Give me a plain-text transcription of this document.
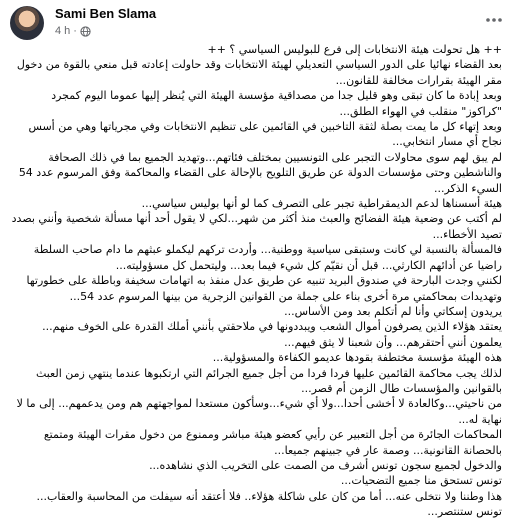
Sami Ben Slama
4 h ·

++ هل تحولت هيئة الانتخابات إلى فرع للبوليس السياسي ؟ ++

بعد القضاء نهائيا على الدور السياسي التعديلي لهيئة الانتخابات وقد حاولت إعادته قبل منعي بالقوة من دخول مقر الهيئة بقرارات مخالفة للقانون...

وبعد إبادة ما كان تبقى وهو قليل جدا من مصداقية مؤسسة الهيئة التي يُنظر إليها عموما اليوم كمجرد "كراكوز" منقلب في الهواء الطلق...

وبعد إتهاء كل ما يمت بصلة لثقة التاخبين في القائمين على تنظيم الانتخابات وفي مجرياتها وهي من أسس نجاح أي مسار انتخابي...

لم يبق لهم سوى محاولات التجبر على التونسيين بمختلف فئاتهم...وتهديد الجميع بما في ذلك الصحافة والناشطين وحتى مؤسسات الدولة عن طريق التلويح بالإحالة على القضاء والمحاكمة وفق المرسوم عدد 54 السيء الذكر...

هيئة أسسناها لدعم الديمقراطية تجبر على التصرف كما لو أنها بوليس سياسي...

لم أكتب عن وضعية هيئة الفضائح والعبث منذ أكثر من شهر...لكي لا يقول أحد أنها مسألة شخصية وأنني بصدد تصيد الأخطاء...

فالمسألة بالنسبة لي كانت وستبقى سياسية ووطنية... وأردت تركهم ليكملو عبثهم ما دام صاحب السلطة راضيا عن أدائهم الكارثي... قبل أن نقيّم كل شيء فيما بعد... وليتحمل كل مسؤوليته...

لكنني وجدت البارحة في صندوق البريد تنبيه عن طريق عدل منفذ به اتهامات سخيفة وباطلة على خطورتها وتهديدات بمحاكمتي مرة أخرى بناء على جملة من القوانين الزجرية من بينها المرسوم عدد 54...

يريدون إسكاتي وأنا لم أتكلم بعد ومن الأساس...

يعتقد هؤلاء الذين يصرفون أموال الشعب ويبددونها في ملاحقتي بأنني أملك القدرة على الخوف منهم... يعلمون أنني أحتقرهم... وأن شعبنا لا يثق فيهم...

هذه الهيئة مؤسسة مختطفة بقودها عديمو الكفاءة والمسؤولية...

لذلك يجب محاكمة القائمين عليها فردا فردا من أجل جميع الجرائم التي ارتكبوها عندما ينتهي زمن العبث بالقوانين والمؤسسات طال الزمن أم قصر...

من ناحيتي...وكالعادة لا أخشى أحدا...ولا أي شيء...وسأكون مستعدا لمواجهتهم هم ومن يدعمهم... إلى ما لا نهاية له...

المحاكمات الجائرة من أجل التعبير عن رأيي كعضو هيئة مباشر وممنوع من دخول مقرات الهيئة ومتمتع بالحصانة القانونية... وصمة عار في جبينهم جميعا...

والدخول لجميع سجون تونس أشرف من الصمت على التخريب الذي نشاهده...

تونس تستحق منا جميع التضحيات...

هذا وطننا ولا نتخلى عنه... أما من كان على شاكلة هؤلاء.. فلا أعتقد أنه سيفلت من المحاسبة والعقاب...

تونس ستنتصر...
